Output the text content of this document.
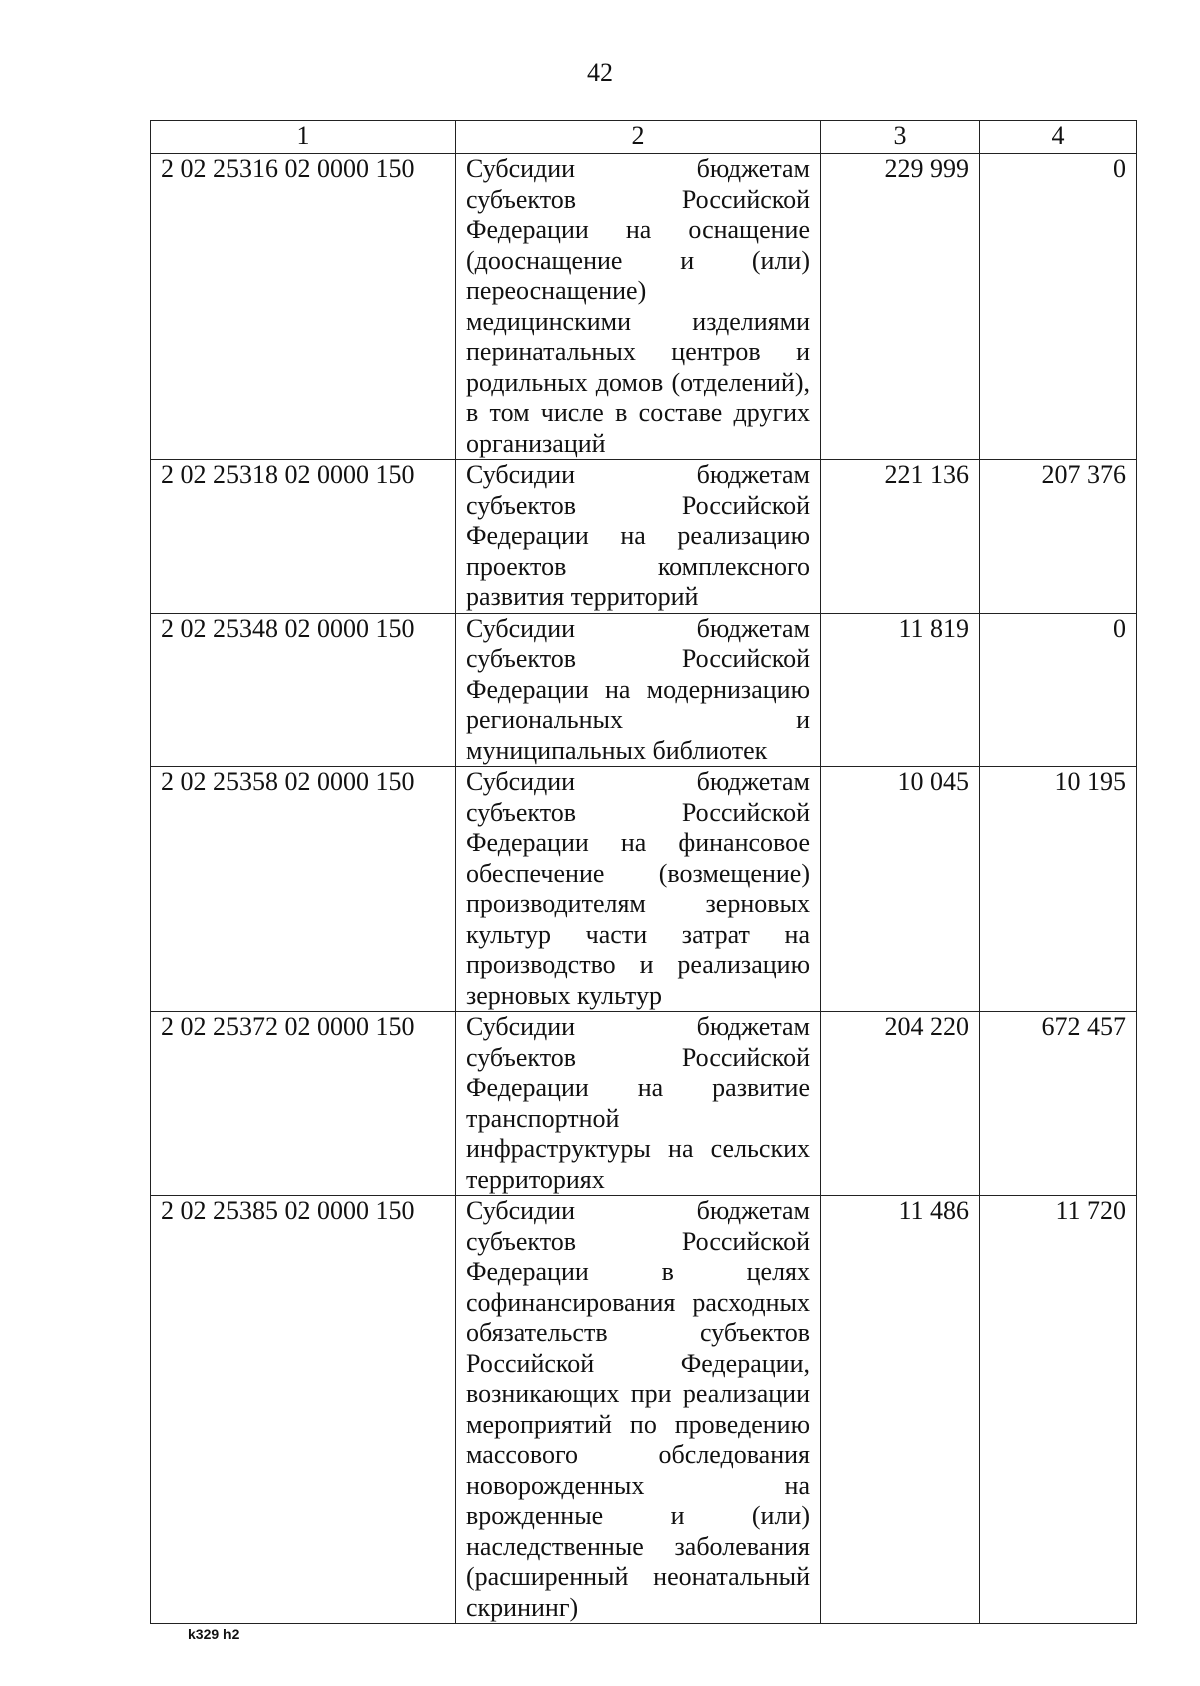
42
1	2	3	4
2 02 25316 02 0000 150	Субсидии бюджетам субъектов Российской Федерации на оснащение (дооснащение и (или) переоснащение) медицинскими изделиями перинатальных центров и родильных домов (отделений), в том числе в составе других организаций	229 999	0
2 02 25318 02 0000 150	Субсидии бюджетам субъектов Российской Федерации на реализацию проектов комплексного развития территорий	221 136	207 376
2 02 25348 02 0000 150	Субсидии бюджетам субъектов Российской Федерации на модернизацию региональных и муниципальных библиотек	11 819	0
2 02 25358 02 0000 150	Субсидии бюджетам субъектов Российской Федерации на финансовое обеспечение (возмещение) производителям зерновых культур части затрат на производство и реализацию зерновых культур	10 045	10 195
2 02 25372 02 0000 150	Субсидии бюджетам субъектов Российской Федерации на развитие транспортной инфраструктуры на сельских территориях	204 220	672 457
2 02 25385 02 0000 150	Субсидии бюджетам субъектов Российской Федерации в целях софинансирования расходных обязательств субъектов Российской Федерации, возникающих при реализации мероприятий по проведению массового обследования новорожденных на врожденные и (или) наследственные заболевания (расширенный неонатальный скрининг)	11 486	11 720
k329 h2
